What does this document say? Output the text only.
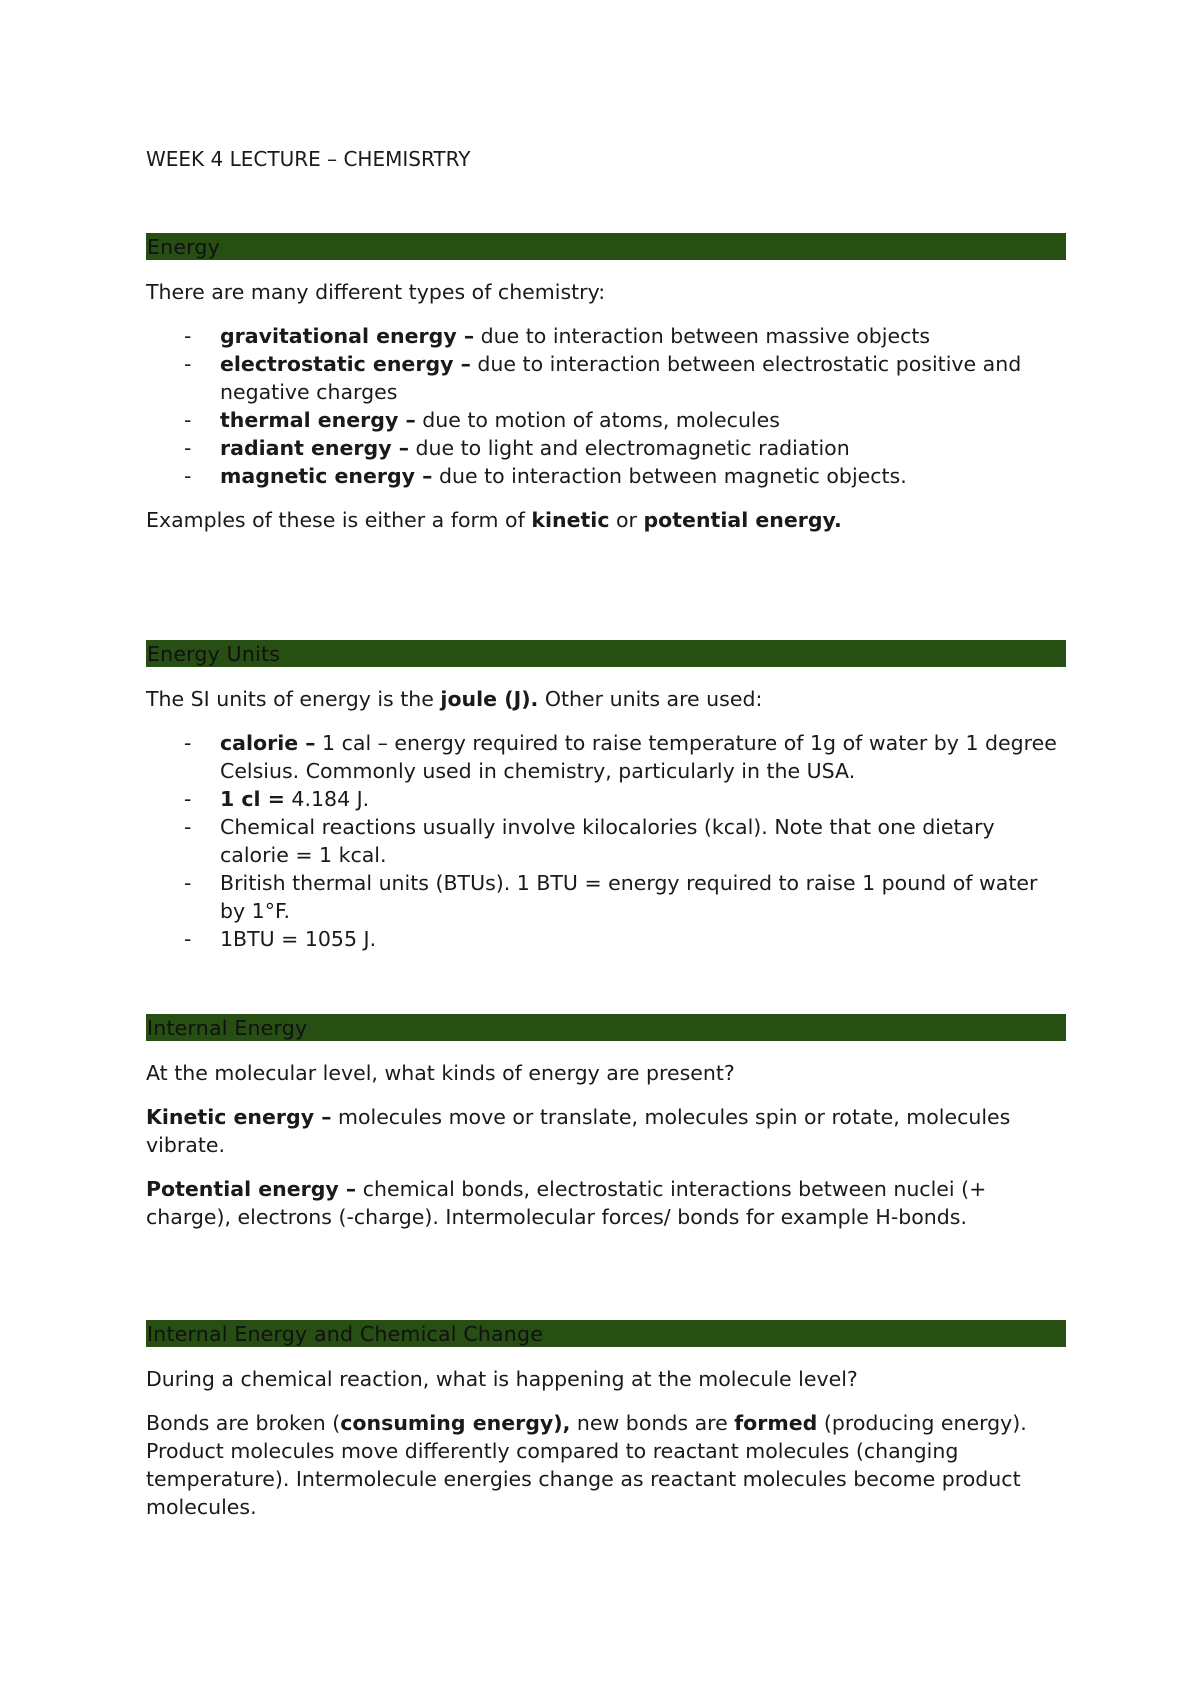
WEEK 4 LECTURE – CHEMISRTRY
Energy

There are many different types of chemistry:

- gravitational energy – due to interaction between massive objects
- electrostatic energy – due to interaction between electrostatic positive and negative charges
- thermal energy – due to motion of atoms, molecules
- radiant energy – due to light and electromagnetic radiation
- magnetic energy – due to interaction between magnetic objects.

Examples of these is either a form of kinetic or potential energy.

Energy Units

The SI units of energy is the joule (J). Other units are used:

- calorie – 1 cal – energy required to raise temperature of 1g of water by 1 degree Celsius. Commonly used in chemistry, particularly in the USA.
- 1 cl = 4.184 J.
- Chemical reactions usually involve kilocalories (kcal). Note that one dietary calorie = 1 kcal.
- British thermal units (BTUs). 1 BTU = energy required to raise 1 pound of water by 1°F.
- 1BTU = 1055 J.
Internal Energy

At the molecular level, what kinds of energy are present?

Kinetic energy – molecules move or translate, molecules spin or rotate, molecules vibrate.

Potential energy – chemical bonds, electrostatic interactions between nuclei (+ charge), electrons (-charge). Intermolecular forces/ bonds for example H-bonds.

Internal Energy and Chemical Change

During a chemical reaction, what is happening at the molecule level?

Bonds are broken (consuming energy), new bonds are formed (producing energy). Product molecules move differently compared to reactant molecules (changing temperature). Intermolecule energies change as reactant molecules become product molecules.
